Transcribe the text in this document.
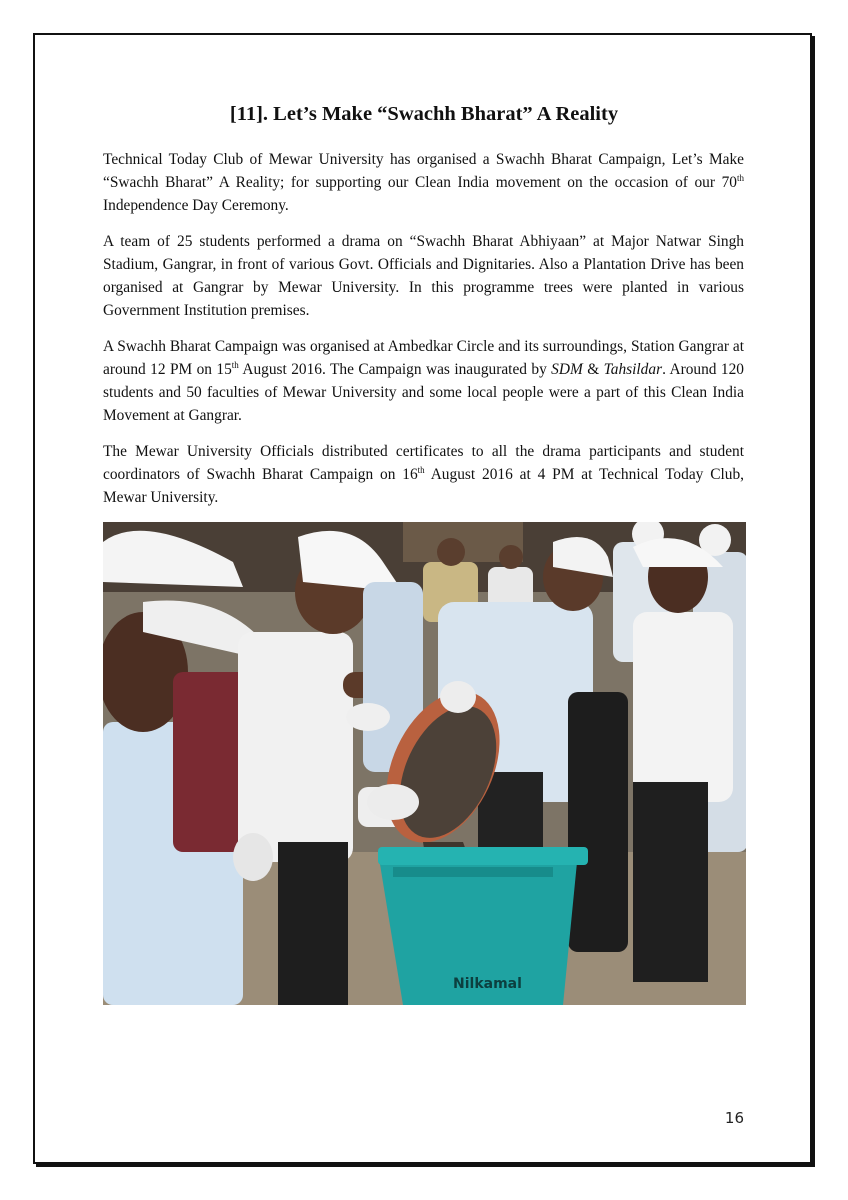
[11]. Let’s Make “Swachh Bharat” A Reality

Technical Today Club of Mewar University has organised a Swachh Bharat Campaign, Let’s Make “Swachh Bharat” A Reality; for supporting our Clean India movement on the occasion of our 70th Independence Day Ceremony.

A team of 25 students performed a drama on “Swachh Bharat Abhiyaan” at Major Natwar Singh Stadium, Gangrar, in front of various Govt. Officials and Dignitaries. Also a Plantation Drive has been organised at Gangrar by Mewar University. In this programme trees were planted in various Government Institution premises.

A Swachh Bharat Campaign was organised at Ambedkar Circle and its surroundings, Station Gangrar at around 12 PM on 15th August 2016. The Campaign was inaugurated by SDM & Tahsildar. Around 120 students and 50 faculties of Mewar University and some local people were a part of this Clean India Movement at Gangrar.

The Mewar University Officials distributed certificates to all the drama participants and student coordinators of Swachh Bharat Campaign on 16th August 2016 at 4 PM at Technical Today Club, Mewar University.

Nilkamal
16
